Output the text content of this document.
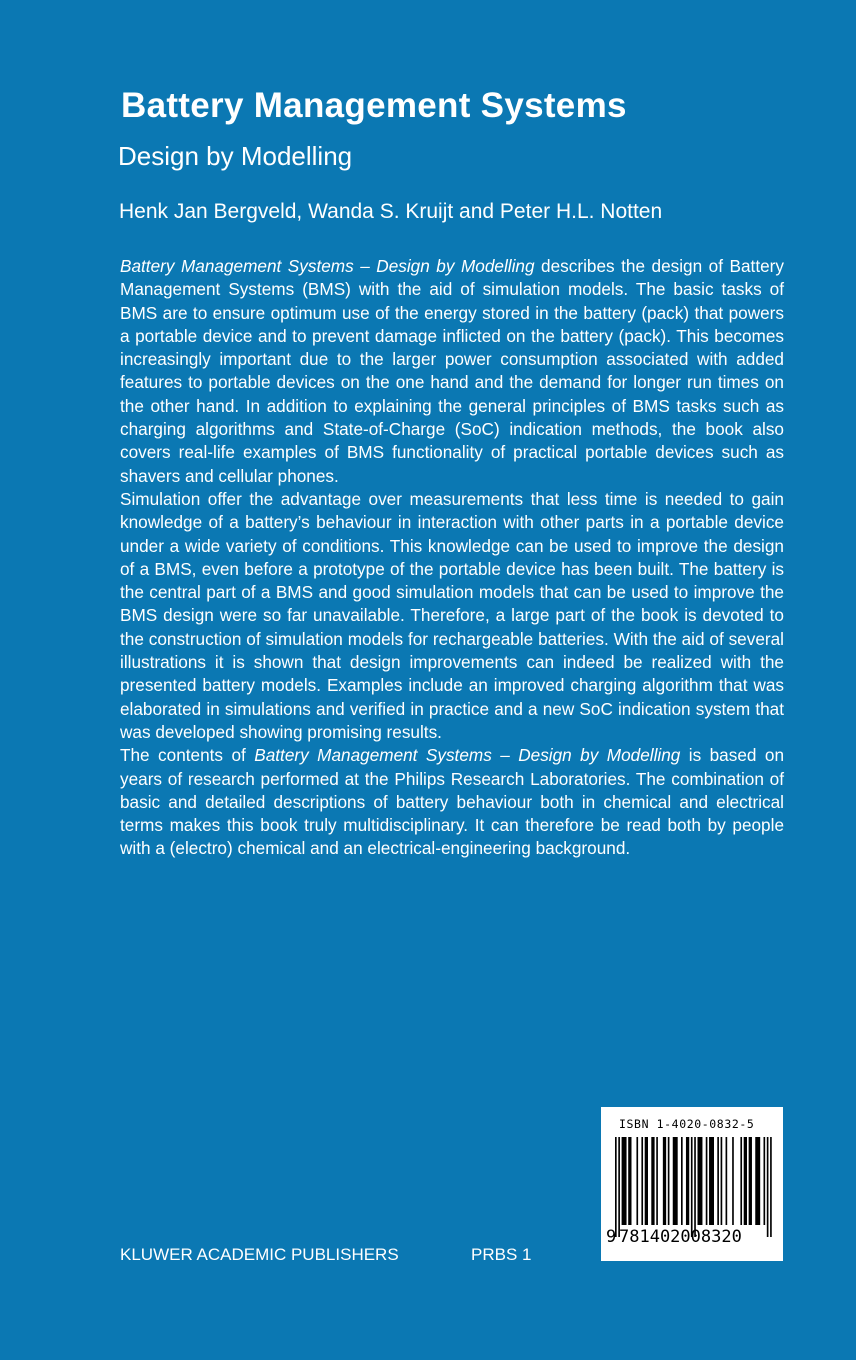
Battery Management Systems
Design by Modelling
Henk Jan Bergveld, Wanda S. Kruijt and Peter H.L. Notten

Battery Management Systems – Design by Modelling describes the design of Battery Management Systems (BMS) with the aid of simulation models. The basic tasks of BMS are to ensure optimum use of the energy stored in the battery (pack) that powers a portable device and to prevent damage inflicted on the battery (pack). This becomes increasingly important due to the larger power consumption associated with added features to portable devices on the one hand and the demand for longer run times on the other hand. In addition to explaining the general principles of BMS tasks such as charging algorithms and State-of-Charge (SoC) indication methods, the book also covers real-life examples of BMS functionality of practical portable devices such as shavers and cellular phones.

Simulation offer the advantage over measurements that less time is needed to gain knowledge of a battery’s behaviour in interaction with other parts in a portable device under a wide variety of conditions. This knowledge can be used to improve the design of a BMS, even before a prototype of the portable device has been built. The battery is the central part of a BMS and good simulation models that can be used to improve the BMS design were so far unavailable. Therefore, a large part of the book is devoted to the construction of simulation models for rechargeable batteries. With the aid of several illustrations it is shown that design improvements can indeed be realized with the presented battery models. Examples include an improved charging algorithm that was elaborated in simulations and verified in practice and a new SoC indication system that was developed showing promising results.

The contents of Battery Management Systems – Design by Modelling is based on years of research performed at the Philips Research Laboratories. The combination of basic and detailed descriptions of battery behaviour both in chemical and electrical terms makes this book truly multidisciplinary. It can therefore be read both by people with a (electro) chemical and an electrical-engineering background.

KLUWER ACADEMIC PUBLISHERS	PRBS 1
ISBN 1-4020-0832-5
9 781402008320
